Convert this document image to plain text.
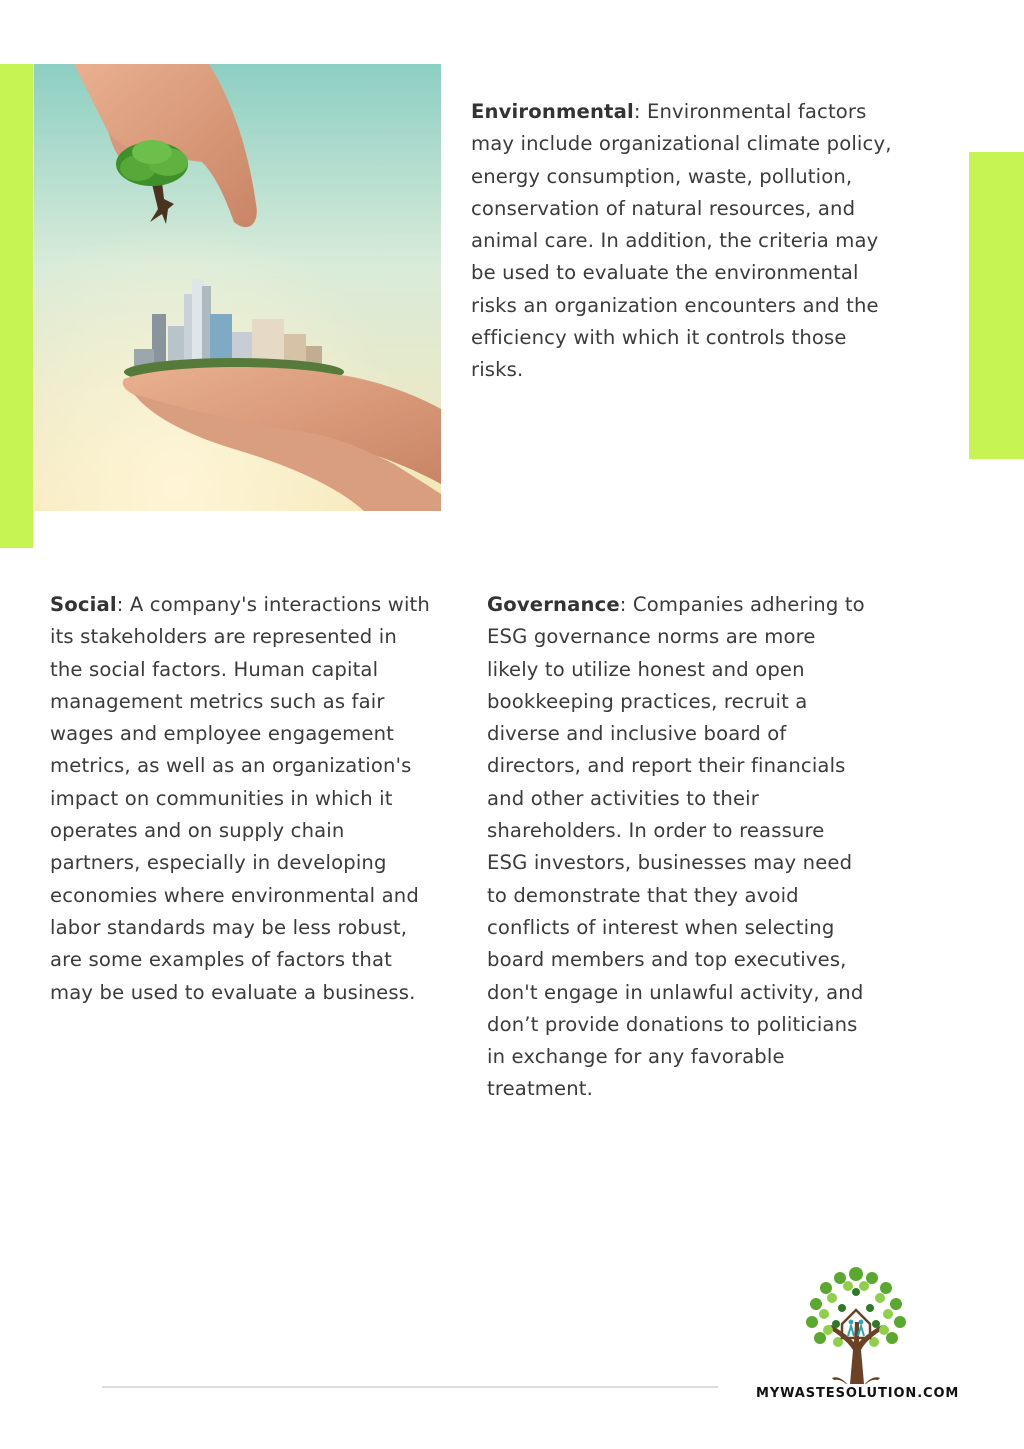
Environmental: Environmental factors
may include organizational climate policy,
energy consumption, waste, pollution,
conservation of natural resources, and
animal care. In addition, the criteria may
be used to evaluate the environmental
risks an organization encounters and the
efficiency with which it controls those
risks.

Social: A company's interactions with
its stakeholders are represented in
the social factors. Human capital
management metrics such as fair
wages and employee engagement
metrics, as well as an organization's
impact on communities in which it
operates and on supply chain
partners, especially in developing
economies where environmental and
labor standards may be less robust,
are some examples of factors that
may be used to evaluate a business.

Governance: Companies adhering to
ESG governance norms are more
likely to utilize honest and open
bookkeeping practices, recruit a
diverse and inclusive board of
directors, and report their financials
and other activities to their
shareholders. In order to reassure
ESG investors, businesses may need
to demonstrate that they avoid
conflicts of interest when selecting
board members and top executives,
don't engage in unlawful activity, and
don’t provide donations to politicians
in exchange for any favorable
treatment.

MYWASTESOLUTION.COM
